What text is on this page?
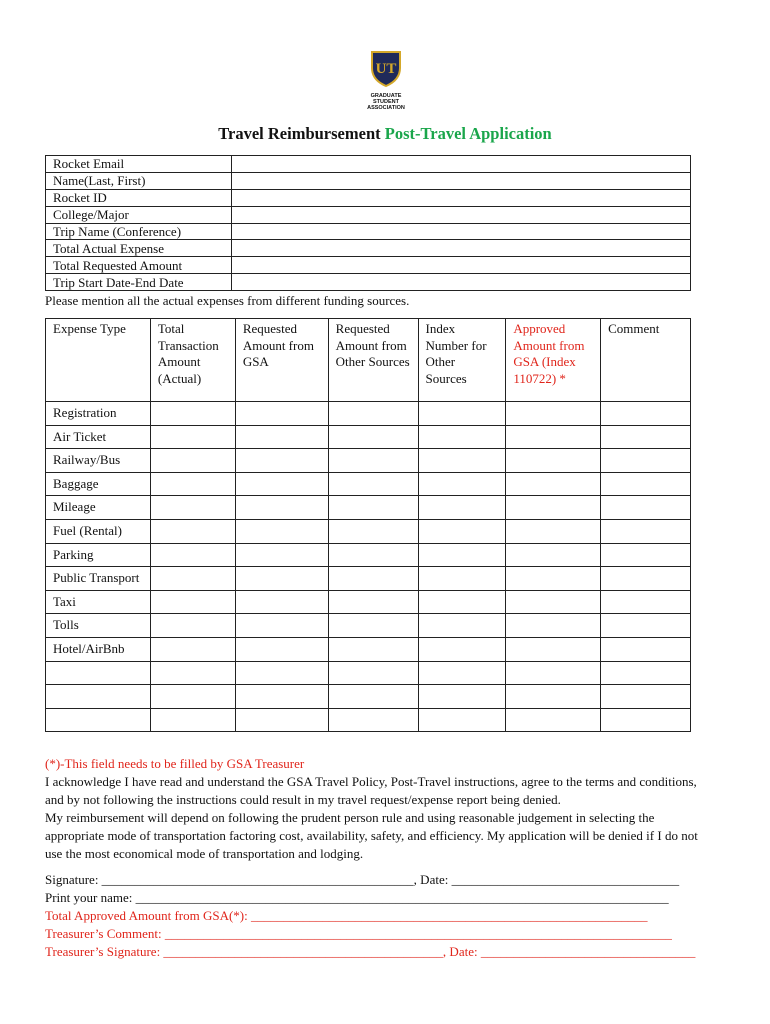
UT
GRADUATE STUDENT
ASSOCIATION
Travel Reimbursement Post-Travel Application
Rocket Email	
Name(Last, First)	
Rocket ID	
College/Major	
Trip Name (Conference)	
Total Actual Expense	
Total Requested Amount	
Trip Start Date-End Date	
Please mention all the actual expenses from different funding sources.
Expense Type	Total Transaction Amount (Actual)	Requested Amount from GSA	Requested Amount from Other Sources	Index Number for Other Sources	Approved Amount from GSA (Index 110722) *	Comment
Registration						
Air Ticket						
Railway/Bus						
Baggage						
Mileage						
Fuel (Rental)						
Parking						
Public Transport						
Taxi						
Tolls						
Hotel/AirBnb						

(*)-This field needs to be filled by GSA Treasurer
I acknowledge I have read and understand the GSA Travel Policy, Post-Travel instructions, agree to the terms and conditions, and by not following the instructions could result in my travel request/expense report being denied.
My reimbursement will depend on following the prudent person rule and using reasonable judgement in selecting the appropriate mode of transportation factoring cost, availability, safety, and efficiency. My application will be denied if I do not use the most economical mode of transportation and lodging.
Signature: ________________________________________________, Date: ___________________________________
Print your name: __________________________________________________________________________________
Total Approved Amount from GSA(*): _____________________________________________________________
Treasurer’s Comment: ______________________________________________________________________________
Treasurer’s Signature: ___________________________________________, Date: _________________________________
